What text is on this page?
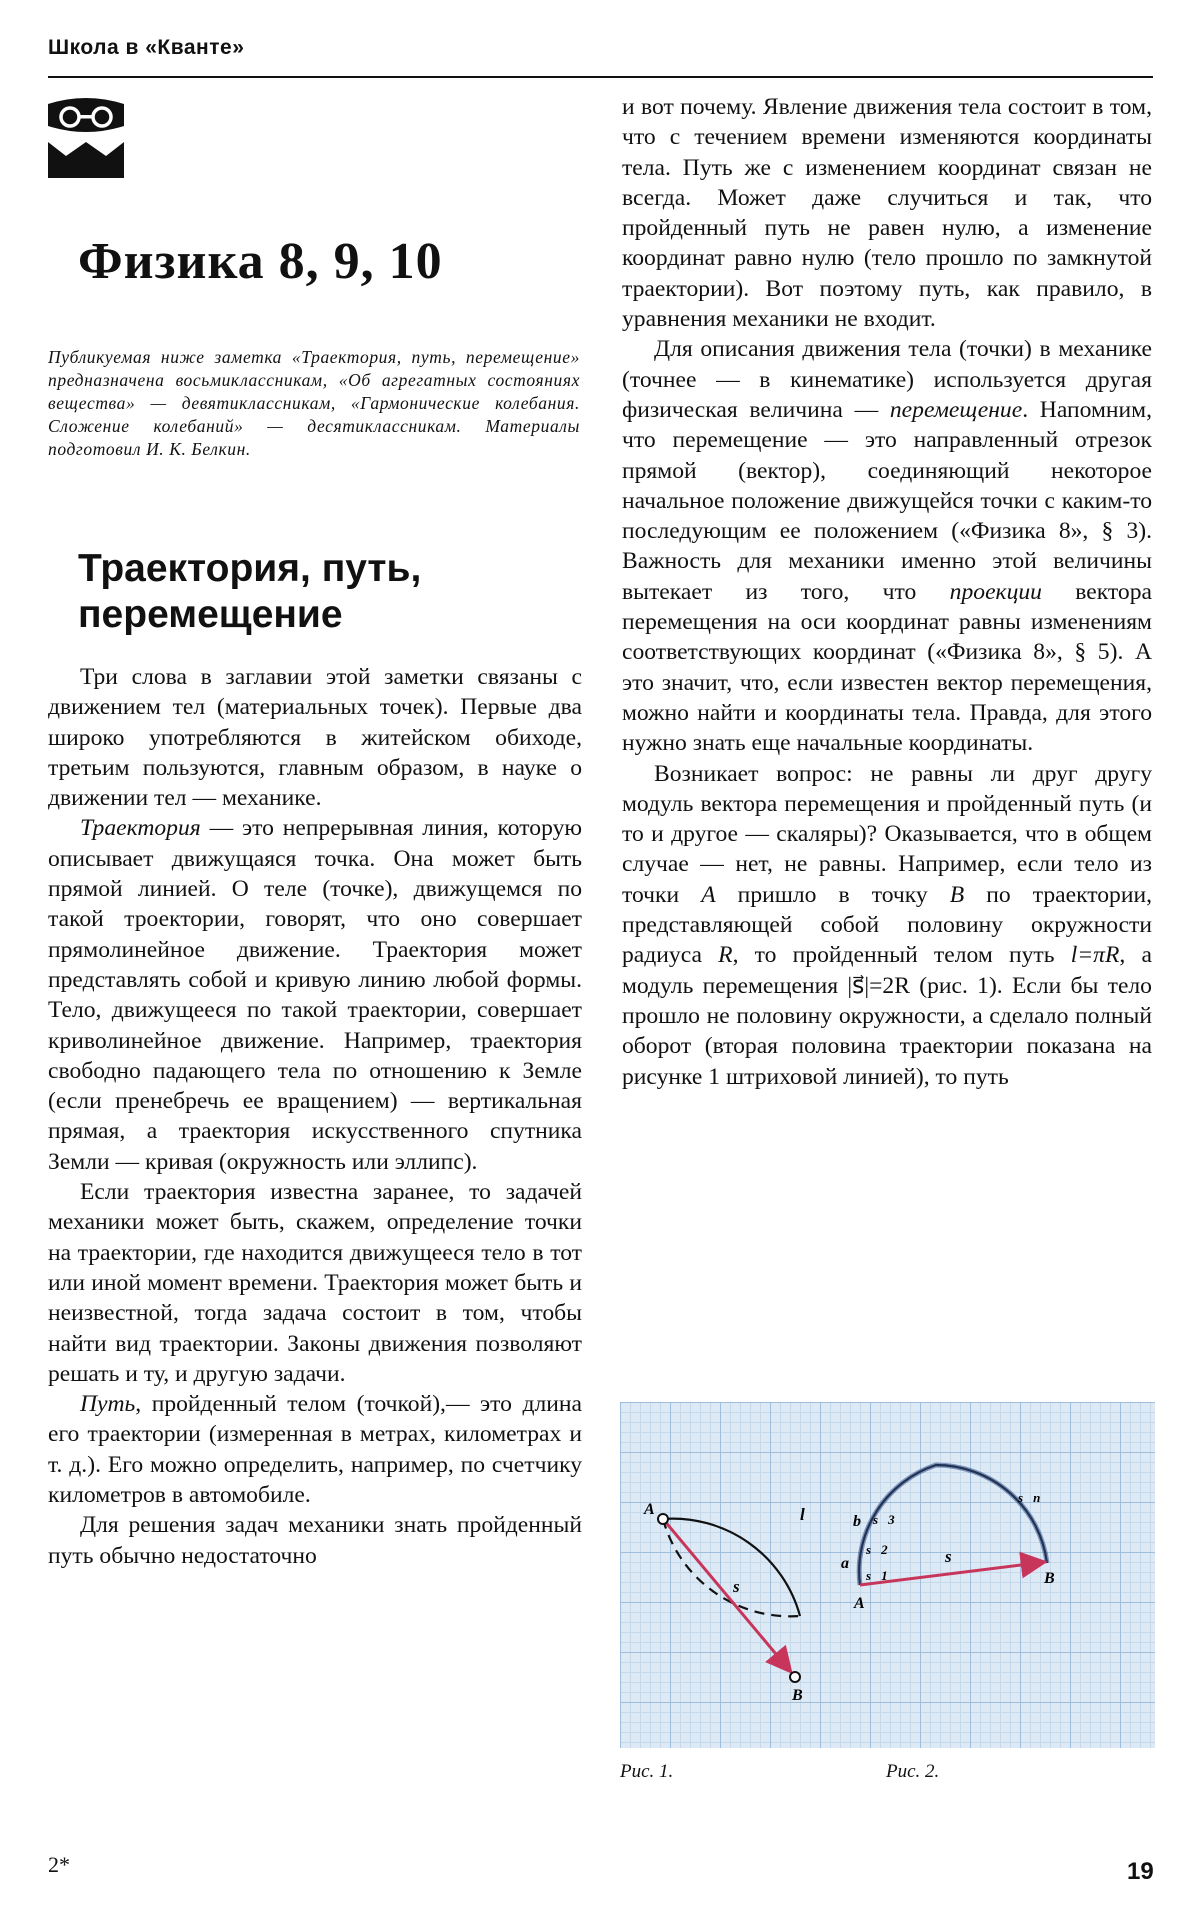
Школа в «Кванте»
Физика 8, 9, 10

Публикуемая ниже заметка «Траектория, путь, перемещение» предназначена восьмиклассникам, «Об агрегатных состояниях вещества» — девятиклассникам, «Гармонические колебания. Сложение колебаний» — десятиклассникам. Материалы подготовил И. К. Белкин.

Траектория, путь, перемещение

Три слова в заглавии этой заметки связаны с движением тел (материальных точек). Первые два широко употребляются в житейском обиходе, третьим пользуются, главным образом, в науке о движении тел — механике.

Траектория — это непрерывная линия, которую описывает движущаяся точка. Она может быть прямой линией. О теле (точке), движущемся по такой троектории, говорят, что оно совершает прямолинейное движение. Траектория может представлять собой и кривую линию любой формы. Тело, движущееся по такой траектории, совершает криволинейное движение. Например, траектория свободно падающего тела по отношению к Земле (если пренебречь ее вращением) — вертикальная прямая, а траектория искусственного спутника Земли — кривая (окружность или эллипс).

Если траектория известна заранее, то задачей механики может быть, скажем, определение точки на траектории, где находится движущееся тело в тот или иной момент времени. Траектория может быть и неизвестной, тогда задача состоит в том, чтобы найти вид траектории. Законы движения позволяют решать и ту, и другую задачи.

Путь, пройденный телом (точкой),— это длина его траектории (измеренная в метрах, километрах и т. д.). Его можно определить, например, по счетчику километров в автомобиле.

Для решения задач механики знать пройденный путь обычно недостаточно

и вот почему. Явление движения тела состоит в том, что с течением времени изменяются координаты тела. Путь же с изменением координат связан не всегда. Может даже случиться и так, что пройденный путь не равен нулю, а изменение координат равно нулю (тело прошло по замкнутой траектории). Вот поэтому путь, как правило, в уравнения механики не входит.

Для описания движения тела (точки) в механике (точнее — в кинематике) используется другая физическая величина — перемещение. Напомним, что перемещение — это направленный отрезок прямой (вектор), соединяющий некоторое начальное положение движущейся точки с каким-то последующим ее положением («Физика 8», § 3). Важность для механики именно этой величины вытекает из того, что проекции вектора перемещения на оси координат равны изменениям соответствующих координат («Физика 8», § 5). А это значит, что, если известен вектор перемещения, можно найти и координаты тела. Правда, для этого нужно знать еще начальные координаты.

Возникает вопрос: не равны ли друг другу модуль вектора перемещения и пройденный путь (и то и другое — скаляры)? Оказывается, что в общем случае — нет, не равны. Например, если тело из точки A пришло в точку B по траектории, представляющей собой половину окружности радиуса R, то пройденный телом путь l=πR, а модуль перемещения |s⃗|=2R (рис. 1). Если бы тело прошло не половину окружности, а сделало полный оборот (вторая половина траектории показана на рисунке 1 штриховой линией), то путь

A
B
l
s⃗
A
B
s⃗
s⃗1
s⃗2
s⃗3
s⃗n
a
b
Рис. 1.	Рис. 2.
2*	19
